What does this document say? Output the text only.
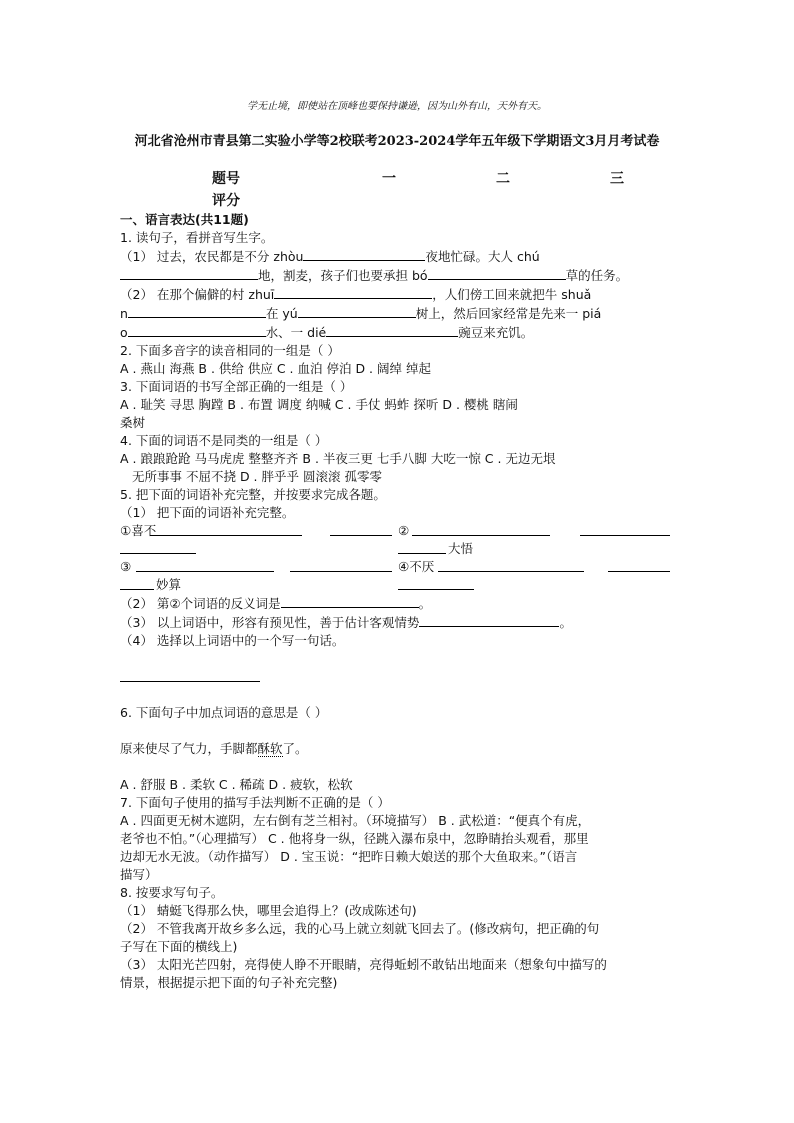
学无止境，即使站在顶峰也要保持谦逊，因为山外有山，天外有天。
河北省沧州市青县第二实验小学等2校联考2023-2024学年五年级下学期语文3月月考试卷
题号	一	二	三
评分

一、语言表达(共11题)

1. 读句子，看拼音写生字。

（1） 过去，农民都是不分 zhòu	夜地忙碌。大人 chú

地，割麦，孩子们也要承担 bó	草的任务。

（2） 在那个偏僻的村 zhuī	，人们傍工回来就把牛 shuǎ

n	在 yú	树上，然后回家经常是先来一 piá

o	水、一 dié	豌豆来充饥。

2. 下面多音字的读音相同的一组是（ ）

A . 燕山 海燕 B . 供给 供应 C . 血泊 停泊 D . 阔绰 绰起

3. 下面词语的书写全部正确的一组是（ ）

A . 耻笑 寻思 胸蹚 B . 布置 调度 纳喊 C . 手仗 蚂蚱 探听 D . 樱桃 瞎闹

桑树

4. 下面的词语不是同类的一组是（ ）

A . 踉踉跄跄 马马虎虎 整整齐齐 B . 半夜三更 七手八脚 大吃一惊 C . 无边无垠

无所事事 不屈不挠 D . 胖乎乎 圆滚滚 孤零零

5. 把下面的词语补充完整，并按要求完成各题。

（1） 把下面的词语补充完整。

①喜不	②
大悟
③	④不厌
妙算

（2） 第②个词语的反义词是	。

（3） 以上词语中，形容有预见性，善于估计客观情势	。

（4） 选择以上词语中的一个写一句话。

6. 下面句子中加点词语的意思是（ ）

原来使尽了气力，手脚都酥软了。

A . 舒服 B . 柔软 C . 稀疏 D . 疲软，松软

7. 下面句子使用的描写手法判断不正确的是（ ）

A . 四面更无树木遮阴，左右倒有芝兰相衬。（环境描写） B . 武松道：“便真个有虎，

老爷也不怕。”（心理描写） C . 他将身一纵，径跳入瀑布泉中，忽睁睛抬头观看，那里

边却无水无波。（动作描写） D . 宝玉说：“把昨日赖大娘送的那个大鱼取来。”（语言

描写）

8. 按要求写句子。

（1） 蜻蜓飞得那么快，哪里会追得上？(改成陈述句)

（2） 不管我离开故乡多么远，我的心马上就立刻就飞回去了。(修改病句，把正确的句

子写在下面的横线上)

（3） 太阳光芒四射，亮得使人睁不开眼睛，亮得蚯蚓不敢钻出地面来（想象句中描写的

情景，根据提示把下面的句子补充完整)
